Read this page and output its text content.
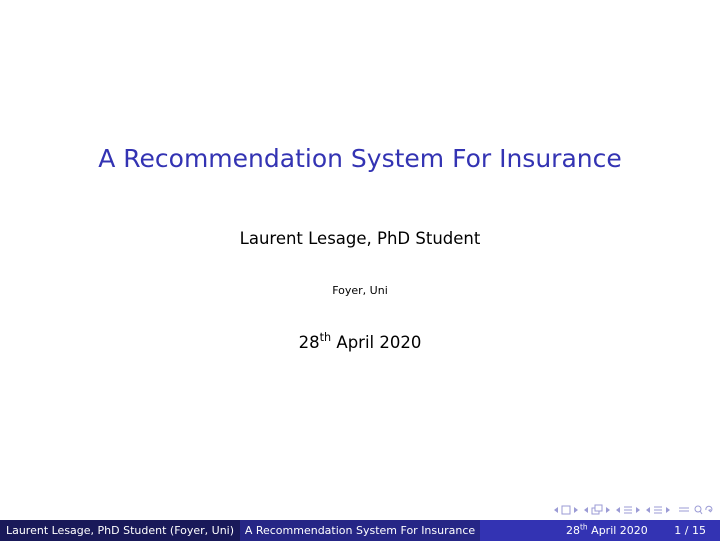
A Recommendation System For Insurance
Laurent Lesage, PhD Student
Foyer, Uni
28th April 2020
Laurent Lesage, PhD Student (Foyer, Uni) A Recommendation System For Insurance	28th April 2020 1 / 15
